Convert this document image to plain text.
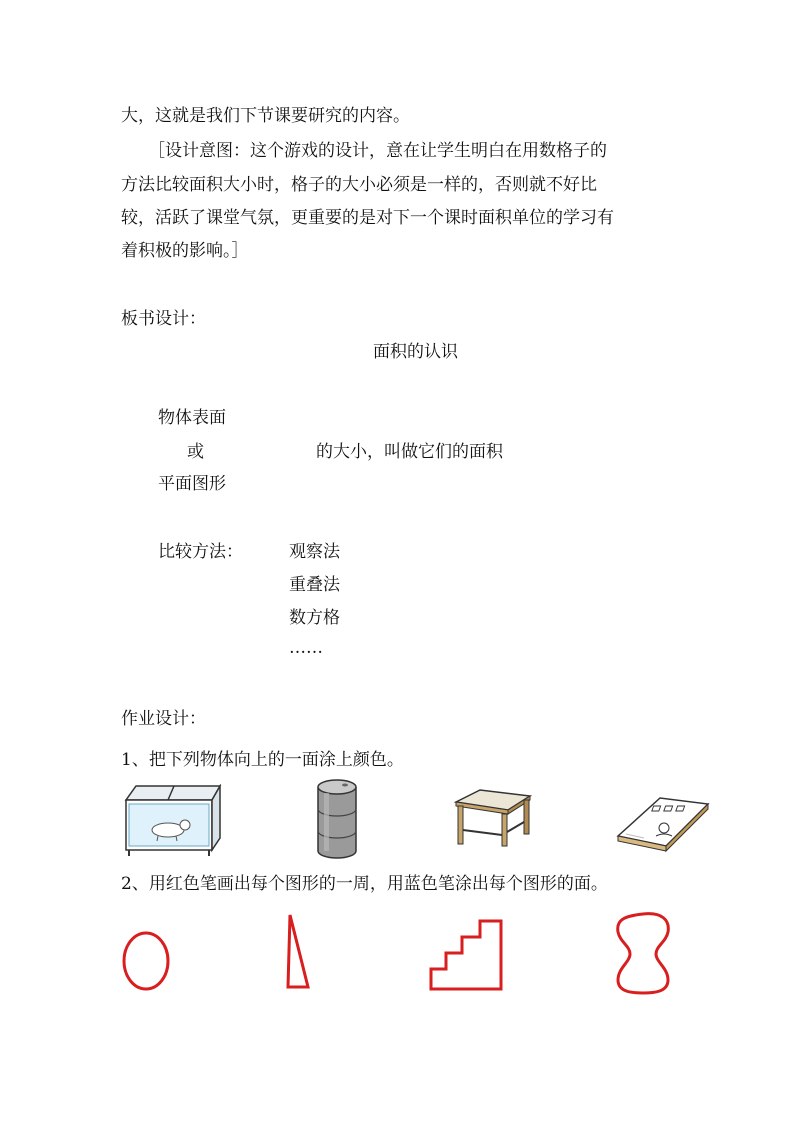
大，这就是我们下节课要研究的内容。

［设计意图：这个游戏的设计，意在让学生明白在用数格子的

方法比较面积大小时，格子的大小必须是一样的，否则就不好比

较，活跃了课堂气氛，更重要的是对下一个课时面积单位的学习有

着积极的影响。］

板书设计：

面积的认识

物体表面

或	的大小，叫做它们的面积

平面图形

比较方法：	观察法

重叠法

数方格

……

作业设计：

1、把下列物体向上的一面涂上颜色。

2、用红色笔画出每个图形的一周，用蓝色笔涂出每个图形的面。
